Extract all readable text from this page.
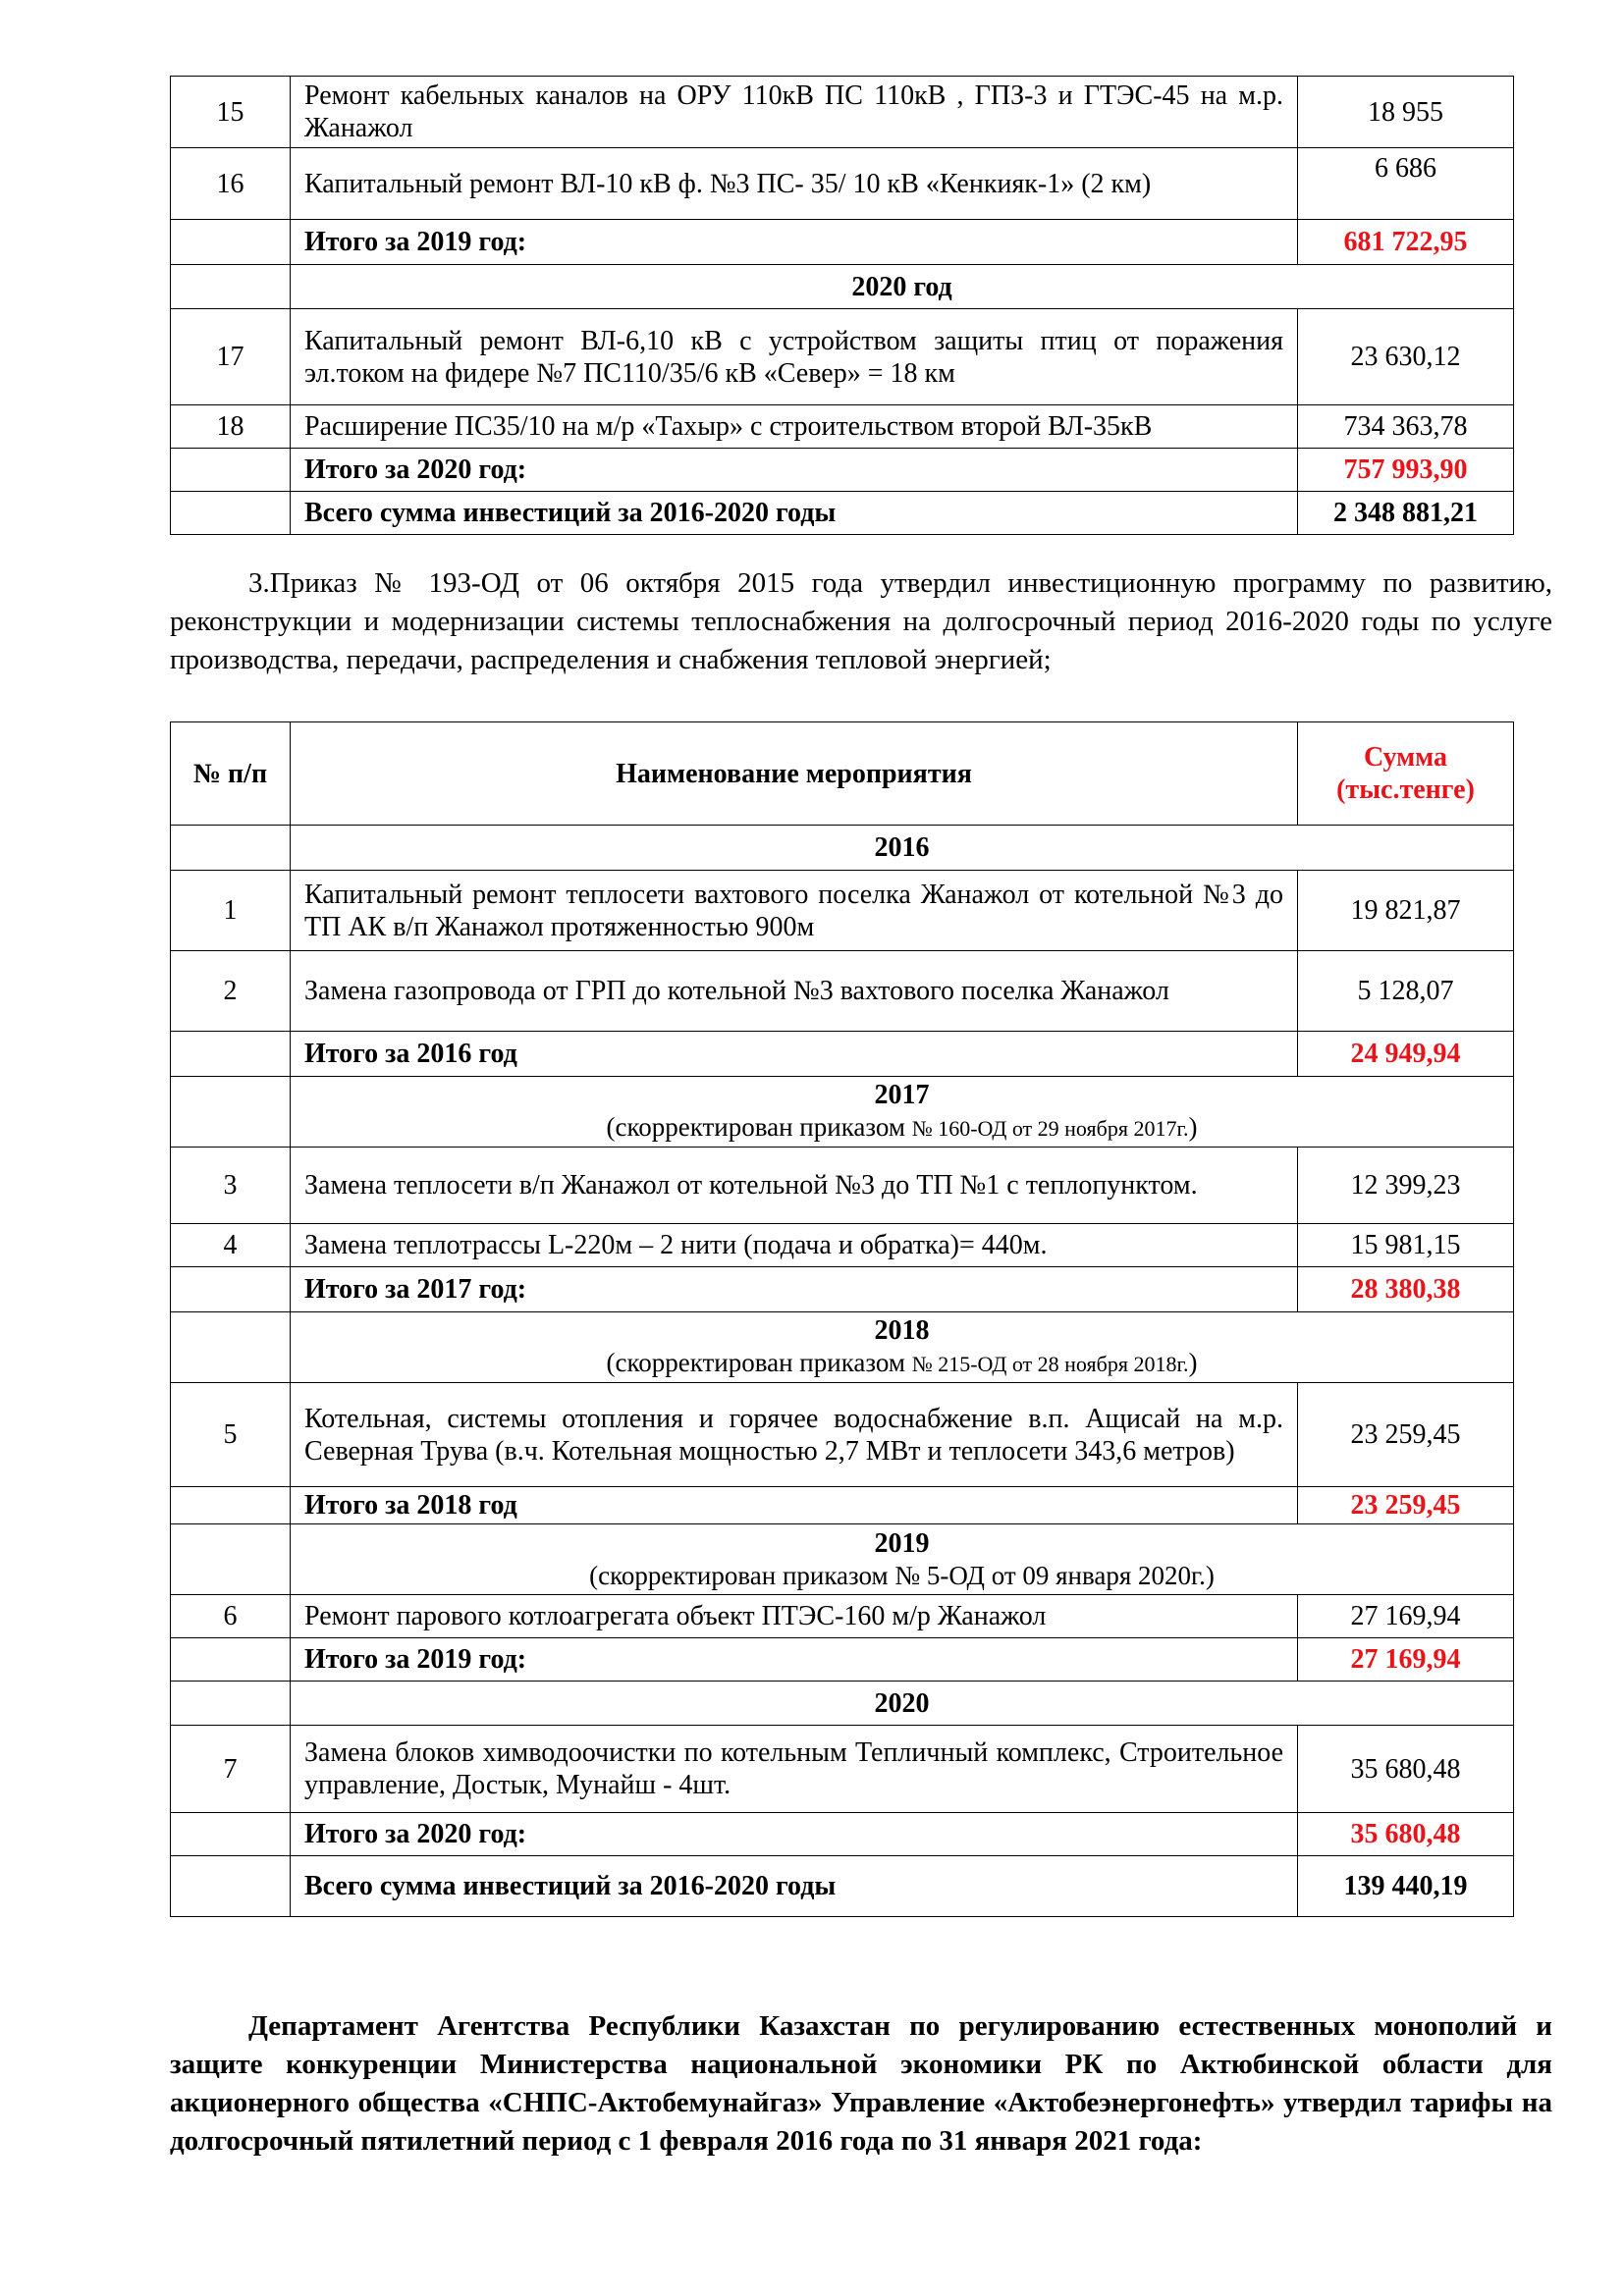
15	Ремонт кабельных каналов на ОРУ 110кВ ПС 110кВ , ГПЗ-3 и ГТЭС-45 на м.р. Жанажол	18 955
16	Капитальный ремонт ВЛ-10 кВ ф. №3 ПС- 35/ 10 кВ «Кенкияк-1» (2 км)	6 686
	Итого за 2019 год:	681 722,95
	2020 год	
17	Капитальный ремонт ВЛ-6,10 кВ с устройством защиты птиц от поражения эл.током на фидере №7 ПС110/35/6 кВ «Север» = 18 км	23 630,12
18	Расширение ПС35/10 на м/р «Тахыр» с строительством второй ВЛ-35кВ	734 363,78
	Итого за 2020 год:	757 993,90
	Всего сумма инвестиций за 2016-2020 годы	2 348 881,21
3.Приказ № 193-ОД от 06 октября 2015 года утвердил инвестиционную программу по развитию, реконструкции и модернизации системы теплоснабжения на долгосрочный период 2016-2020 годы по услуге производства, передачи, распределения и снабжения тепловой энергией;
№ п/п	Наименование мероприятия	Сумма (тыс.тенге)
	2016	
1	Капитальный ремонт теплосети вахтового поселка Жанажол от котельной №3 до ТП АК в/п Жанажол протяженностью 900м	19 821,87
2	Замена газопровода от ГРП до котельной №3 вахтового поселка Жанажол	5 128,07
	Итого за 2016 год	24 949,94

	2017
(скорректирован приказом № 160-ОД от 29 ноября 2017г.)	

3	Замена теплосети в/п Жанажол от котельной №3 до ТП №1 с теплопунктом.	12 399,23
4	Замена теплотрассы L-220м – 2 нити (подача и обратка)= 440м.	15 981,15
	Итого за 2017 год:	28 380,38

	2018
(скорректирован приказом № 215-ОД от 28 ноября 2018г.)	

5	Котельная, системы отопления и горячее водоснабжение в.п. Ащисай на м.р. Северная Трува (в.ч. Котельная мощностью 2,7 МВт и теплосети 343,6 метров)	23 259,45
	Итого за 2018 год	23 259,45

	2019
(скорректирован приказом № 5-ОД от 09 января 2020г.)	

6	Ремонт парового котлоагрегата объект ПТЭС-160 м/р Жанажол	27 169,94
	Итого за 2019 год:	27 169,94
	2020	
7	Замена блоков химводоочистки по котельным Тепличный комплекс, Строительное управление, Достык, Мунайш - 4шт.	35 680,48
	Итого за 2020 год:	35 680,48
	Всего сумма инвестиций за 2016-2020 годы	139 440,19
Департамент Агентства Республики Казахстан по регулированию естественных монополий и защите конкуренции Министерства национальной экономики РК по Актюбинской области для акционерного общества «СНПС-Актобемунайгаз» Управление «Актобеэнергонефть» утвердил тарифы на долгосрочный пятилетний период с 1 февраля 2016 года по 31 января 2021 года:
